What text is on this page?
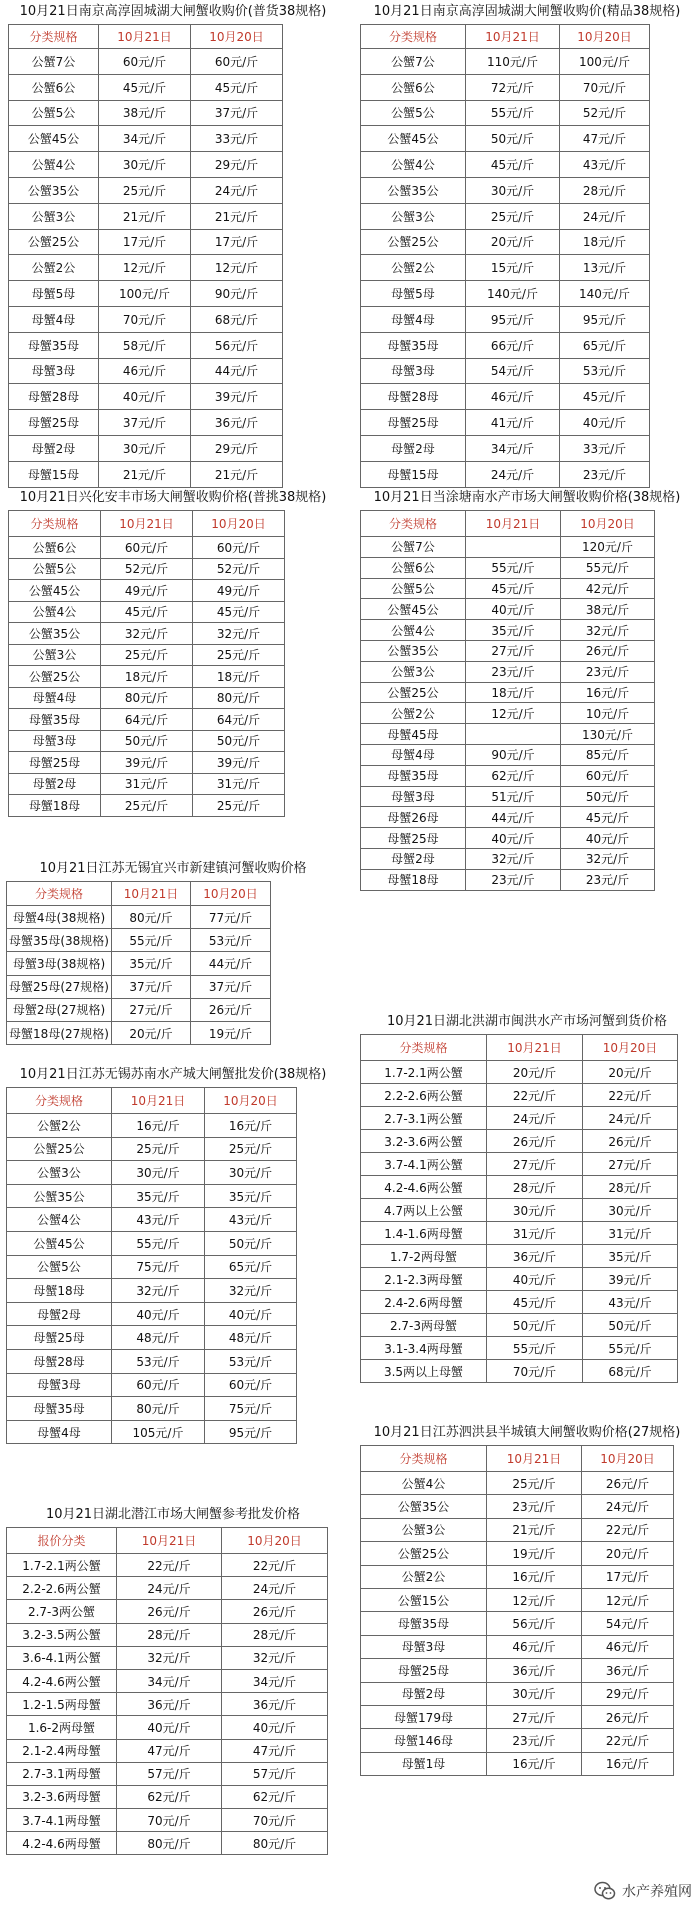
10月21日南京高淳固城湖大闸蟹收购价(普货38规格)
分类规格	10月21日	10月20日
公蟹7公	60元/斤	60元/斤
公蟹6公	45元/斤	45元/斤
公蟹5公	38元/斤	37元/斤
公蟹45公	34元/斤	33元/斤
公蟹4公	30元/斤	29元/斤
公蟹35公	25元/斤	24元/斤
公蟹3公	21元/斤	21元/斤
公蟹25公	17元/斤	17元/斤
公蟹2公	12元/斤	12元/斤
母蟹5母	100元/斤	90元/斤
母蟹4母	70元/斤	68元/斤
母蟹35母	58元/斤	56元/斤
母蟹3母	46元/斤	44元/斤
母蟹28母	40元/斤	39元/斤
母蟹25母	37元/斤	36元/斤
母蟹2母	30元/斤	29元/斤
母蟹15母	21元/斤	21元/斤
10月21日兴化安丰市场大闸蟹收购价格(普挑38规格)
分类规格	10月21日	10月20日
公蟹6公	60元/斤	60元/斤
公蟹5公	52元/斤	52元/斤
公蟹45公	49元/斤	49元/斤
公蟹4公	45元/斤	45元/斤
公蟹35公	32元/斤	32元/斤
公蟹3公	25元/斤	25元/斤
公蟹25公	18元/斤	18元/斤
母蟹4母	80元/斤	80元/斤
母蟹35母	64元/斤	64元/斤
母蟹3母	50元/斤	50元/斤
母蟹25母	39元/斤	39元/斤
母蟹2母	31元/斤	31元/斤
母蟹18母	25元/斤	25元/斤
10月21日江苏无锡宜兴市新建镇河蟹收购价格
分类规格	10月21日	10月20日
母蟹4母(38规格)	80元/斤	77元/斤
母蟹35母(38规格)	55元/斤	53元/斤
母蟹3母(38规格)	35元/斤	44元/斤
母蟹25母(27规格)	37元/斤	37元/斤
母蟹2母(27规格)	27元/斤	26元/斤
母蟹18母(27规格)	20元/斤	19元/斤
10月21日江苏无锡苏南水产城大闸蟹批发价(38规格)
分类规格	10月21日	10月20日
公蟹2公	16元/斤	16元/斤
公蟹25公	25元/斤	25元/斤
公蟹3公	30元/斤	30元/斤
公蟹35公	35元/斤	35元/斤
公蟹4公	43元/斤	43元/斤
公蟹45公	55元/斤	50元/斤
公蟹5公	75元/斤	65元/斤
母蟹18母	32元/斤	32元/斤
母蟹2母	40元/斤	40元/斤
母蟹25母	48元/斤	48元/斤
母蟹28母	53元/斤	53元/斤
母蟹3母	60元/斤	60元/斤
母蟹35母	80元/斤	75元/斤
母蟹4母	105元/斤	95元/斤
10月21日湖北潜江市场大闸蟹参考批发价格
报价分类	10月21日	10月20日
1.7-2.1两公蟹	22元/斤	22元/斤
2.2-2.6两公蟹	24元/斤	24元/斤
2.7-3两公蟹	26元/斤	26元/斤
3.2-3.5两公蟹	28元/斤	28元/斤
3.6-4.1两公蟹	32元/斤	32元/斤
4.2-4.6两公蟹	34元/斤	34元/斤
1.2-1.5两母蟹	36元/斤	36元/斤
1.6-2两母蟹	40元/斤	40元/斤
2.1-2.4两母蟹	47元/斤	47元/斤
2.7-3.1两母蟹	57元/斤	57元/斤
3.2-3.6两母蟹	62元/斤	62元/斤
3.7-4.1两母蟹	70元/斤	70元/斤
4.2-4.6两母蟹	80元/斤	80元/斤
10月21日南京高淳固城湖大闸蟹收购价(精品38规格)
分类规格	10月21日	10月20日
公蟹7公	110元/斤	100元/斤
公蟹6公	72元/斤	70元/斤
公蟹5公	55元/斤	52元/斤
公蟹45公	50元/斤	47元/斤
公蟹4公	45元/斤	43元/斤
公蟹35公	30元/斤	28元/斤
公蟹3公	25元/斤	24元/斤
公蟹25公	20元/斤	18元/斤
公蟹2公	15元/斤	13元/斤
母蟹5母	140元/斤	140元/斤
母蟹4母	95元/斤	95元/斤
母蟹35母	66元/斤	65元/斤
母蟹3母	54元/斤	53元/斤
母蟹28母	46元/斤	45元/斤
母蟹25母	41元/斤	40元/斤
母蟹2母	34元/斤	33元/斤
母蟹15母	24元/斤	23元/斤
10月21日当涂塘南水产市场大闸蟹收购价格(38规格)
分类规格	10月21日	10月20日
公蟹7公		120元/斤
公蟹6公	55元/斤	55元/斤
公蟹5公	45元/斤	42元/斤
公蟹45公	40元/斤	38元/斤
公蟹4公	35元/斤	32元/斤
公蟹35公	27元/斤	26元/斤
公蟹3公	23元/斤	23元/斤
公蟹25公	18元/斤	16元/斤
公蟹2公	12元/斤	10元/斤
母蟹45母		130元/斤
母蟹4母	90元/斤	85元/斤
母蟹35母	62元/斤	60元/斤
母蟹3母	51元/斤	50元/斤
母蟹26母	44元/斤	45元/斤
母蟹25母	40元/斤	40元/斤
母蟹2母	32元/斤	32元/斤
母蟹18母	23元/斤	23元/斤
10月21日湖北洪湖市闽洪水产市场河蟹到货价格
分类规格	10月21日	10月20日
1.7-2.1两公蟹	20元/斤	20元/斤
2.2-2.6两公蟹	22元/斤	22元/斤
2.7-3.1两公蟹	24元/斤	24元/斤
3.2-3.6两公蟹	26元/斤	26元/斤
3.7-4.1两公蟹	27元/斤	27元/斤
4.2-4.6两公蟹	28元/斤	28元/斤
4.7两以上公蟹	30元/斤	30元/斤
1.4-1.6两母蟹	31元/斤	31元/斤
1.7-2两母蟹	36元/斤	35元/斤
2.1-2.3两母蟹	40元/斤	39元/斤
2.4-2.6两母蟹	45元/斤	43元/斤
2.7-3两母蟹	50元/斤	50元/斤
3.1-3.4两母蟹	55元/斤	55元/斤
3.5两以上母蟹	70元/斤	68元/斤
10月21日江苏泗洪县半城镇大闸蟹收购价格(27规格)
分类规格	10月21日	10月20日
公蟹4公	25元/斤	26元/斤
公蟹35公	23元/斤	24元/斤
公蟹3公	21元/斤	22元/斤
公蟹25公	19元/斤	20元/斤
公蟹2公	16元/斤	17元/斤
公蟹15公	12元/斤	12元/斤
母蟹35母	56元/斤	54元/斤
母蟹3母	46元/斤	46元/斤
母蟹25母	36元/斤	36元/斤
母蟹2母	30元/斤	29元/斤
母蟹179母	27元/斤	26元/斤
母蟹146母	23元/斤	22元/斤
母蟹1母	16元/斤	16元/斤
水产养殖网
